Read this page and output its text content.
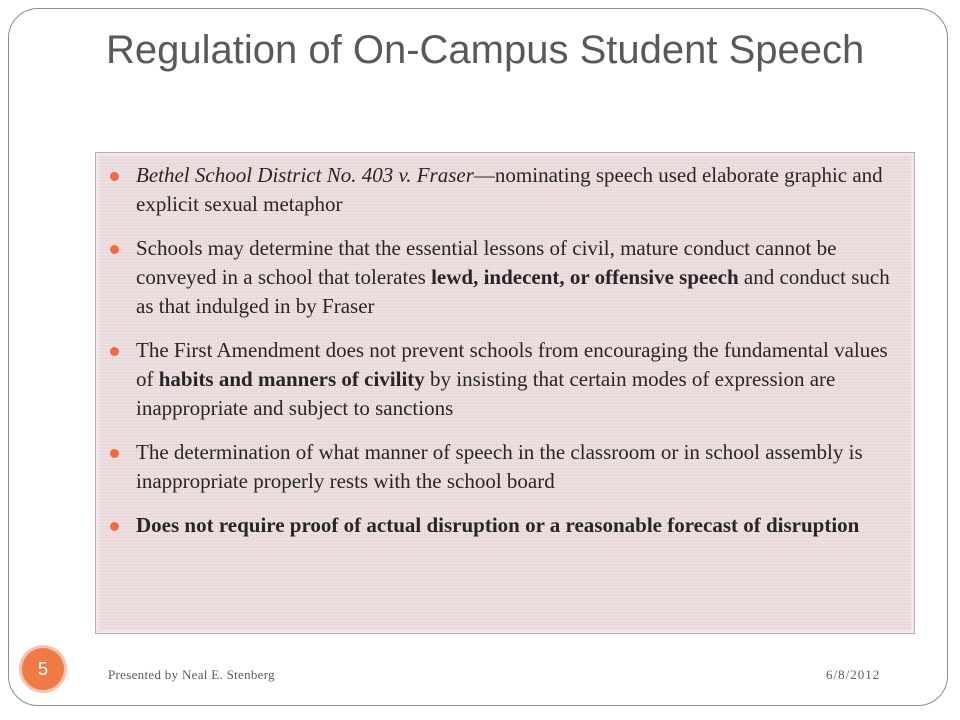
Regulation of On-Campus Student Speech
Bethel School District No. 403 v. Fraser—nominating speech used elaborate graphic and explicit sexual metaphor
Schools may determine that the essential lessons of civil, mature conduct cannot be conveyed in a school that tolerates lewd, indecent, or offensive speech and conduct such as that indulged in by Fraser
The First Amendment does not prevent schools from encouraging the fundamental values of habits and manners of civility by insisting that certain modes of expression are inappropriate and subject to sanctions
The determination of what manner of speech in the classroom or in school assembly is inappropriate properly rests with the school board
Does not require proof of actual disruption or a reasonable forecast of disruption
5	Presented by Neal E. Stenberg	6/8/2012
